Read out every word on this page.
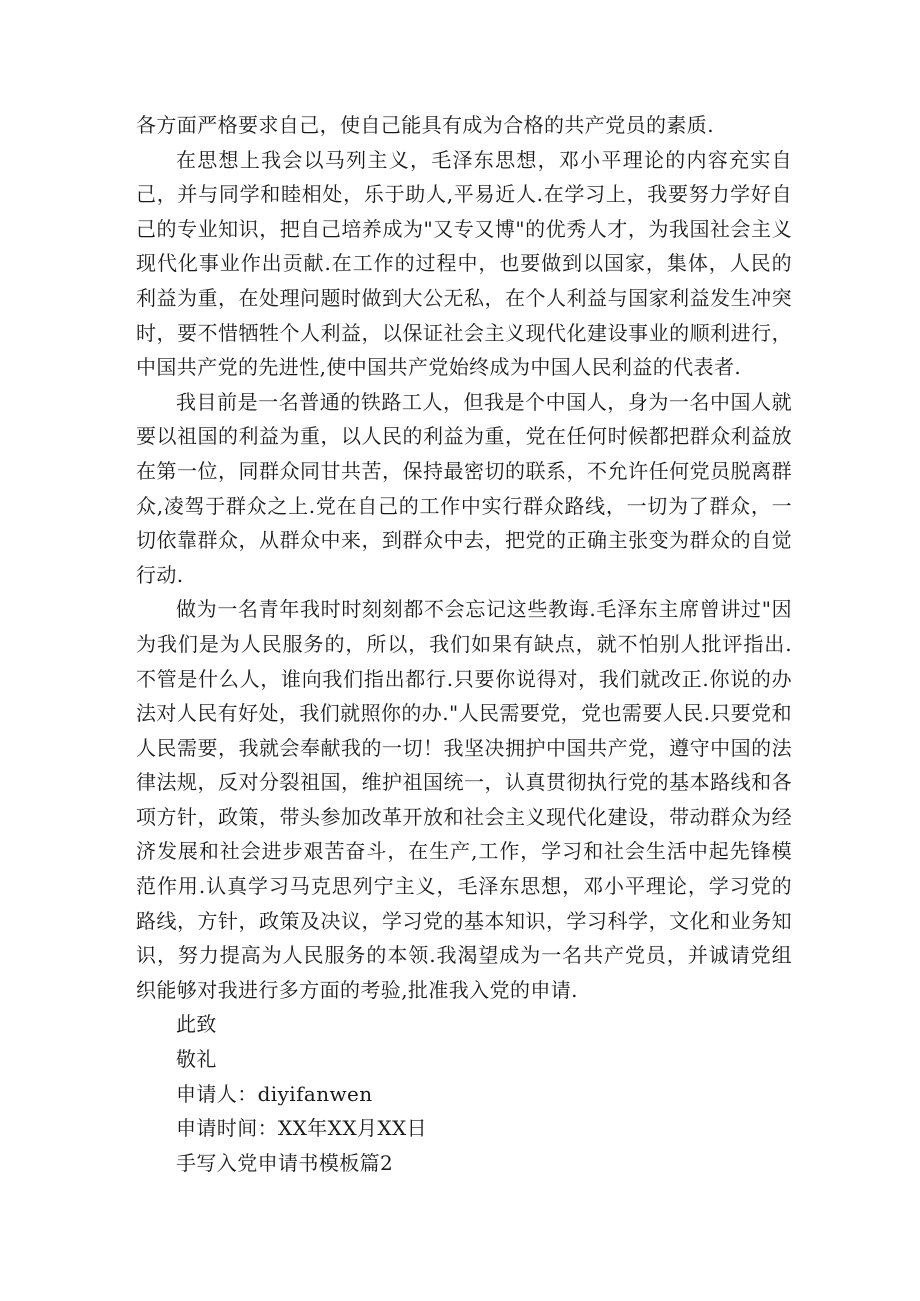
各方面严格要求自己，使自己能具有成为合格的共产党员的素质.

在思想上我会以马列主义，毛泽东思想，邓小平理论的内容充实自己，并与同学和睦相处，乐于助人,平易近人.在学习上，我要努力学好自己的专业知识，把自己培养成为"又专又博"的优秀人才，为我国社会主义现代化事业作出贡献.在工作的过程中，也要做到以国家，集体，人民的利益为重，在处理问题时做到大公无私，在个人利益与国家利益发生冲突时，要不惜牺牲个人利益，以保证社会主义现代化建设事业的顺利进行，中国共产党的先进性,使中国共产党始终成为中国人民利益的代表者.

我目前是一名普通的铁路工人，但我是个中国人，身为一名中国人就要以祖国的利益为重，以人民的利益为重，党在任何时候都把群众利益放在第一位，同群众同甘共苦，保持最密切的联系，不允许任何党员脱离群众,凌驾于群众之上.党在自己的工作中实行群众路线，一切为了群众，一切依靠群众，从群众中来，到群众中去，把党的正确主张变为群众的自觉行动.

做为一名青年我时时刻刻都不会忘记这些教诲.毛泽东主席曾讲过"因为我们是为人民服务的，所以，我们如果有缺点，就不怕别人批评指出.不管是什么人，谁向我们指出都行.只要你说得对，我们就改正.你说的办法对人民有好处，我们就照你的办."人民需要党，党也需要人民.只要党和人民需要，我就会奉献我的一切！我坚决拥护中国共产党，遵守中国的法律法规，反对分裂祖国，维护祖国统一，认真贯彻执行党的基本路线和各项方针，政策，带头参加改革开放和社会主义现代化建设，带动群众为经济发展和社会进步艰苦奋斗，在生产,工作，学习和社会生活中起先锋模范作用.认真学习马克思列宁主义，毛泽东思想，邓小平理论，学习党的路线，方针，政策及决议，学习党的基本知识，学习科学，文化和业务知识，努力提高为人民服务的本领.我渴望成为一名共产党员，并诚请党组织能够对我进行多方面的考验,批准我入党的申请.

此致

敬礼

申请人：diyifanwen

申请时间：XX年XX月XX日

手写入党申请书模板篇2
